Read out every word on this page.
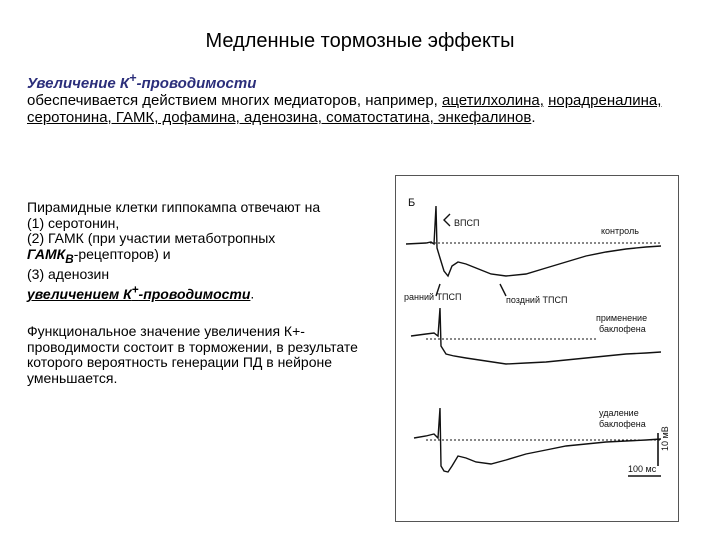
Медленные тормозные эффекты
Увеличение К+-проводимости
обеспечивается действием многих медиаторов, например, ацетилхолина, норадреналина, серотонина, ГАМК, дофамина, аденозина, соматостатина, энкефалинов.

Пирамидные клетки гиппокампа отвечают на
(1) серотонин,
(2) ГАМК (при участии метаботропных
$ГАМК_B-рецепторов$) и
(3) аденозин
увеличением К+-проводимости.

Функциональное значение увеличения К+-проводимости состоит в торможении, в результате которого вероятность генерации ПД в нейроне уменьшается.

Б
ВПСП
контроль
ранний ТПСП	поздний ТПСП
применение
баклофена
удаление
баклофена
100 мс
10 мВ
